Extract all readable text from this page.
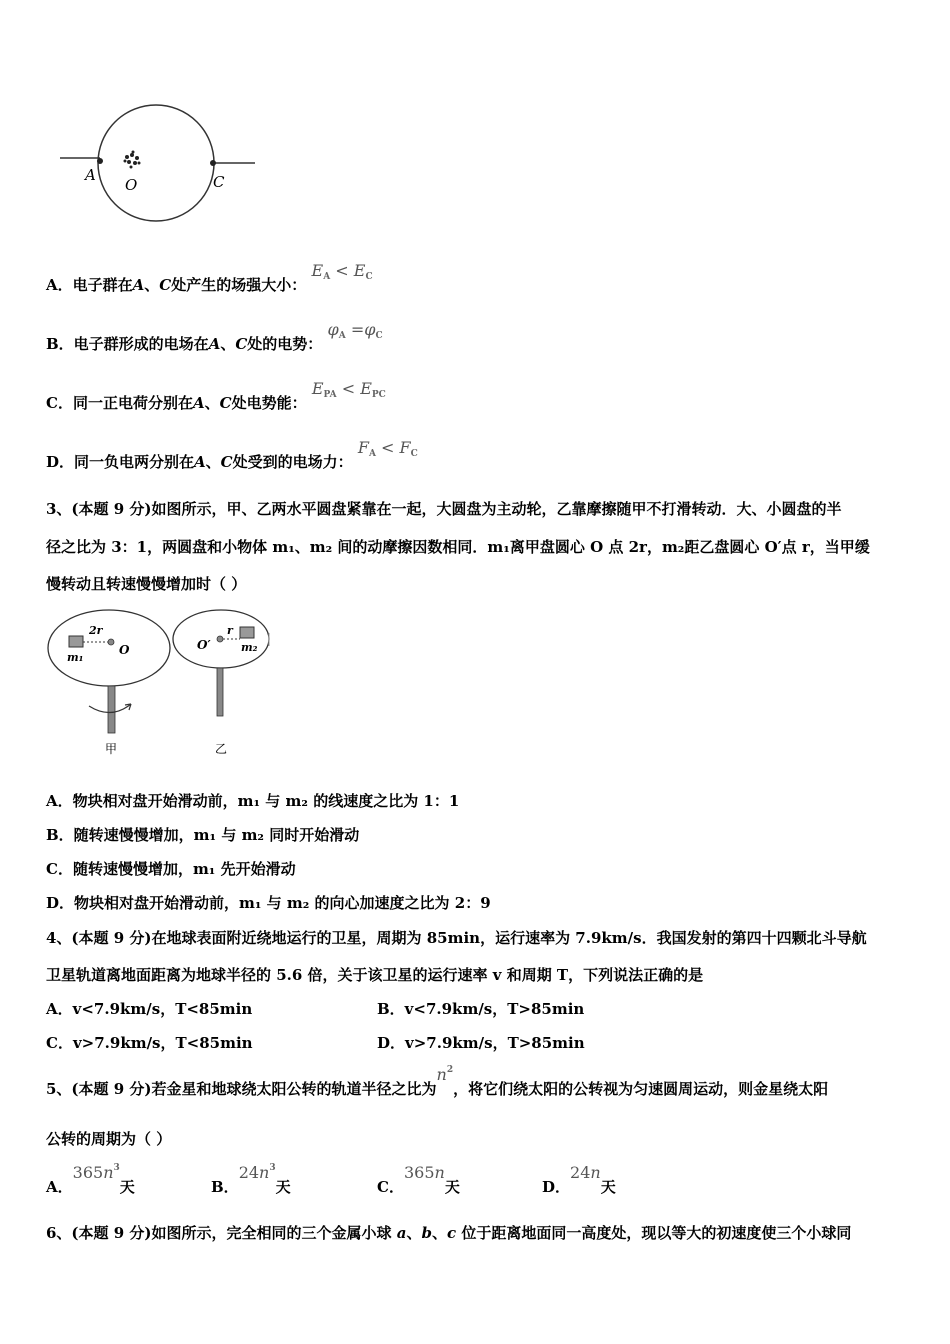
A
O	C
A．电子群在A、C处产生的场强大小： $E_A < E_C$
B．电子群形成的电场在A、C处的电势： $\varphi_A =\varphi_C$
C．同一正电荷分别在A、C处电势能： $E_{PA} < E_{PC}$
D．同一负电两分别在A、C处受到的电场力： $F_A < F_C$
3、(本题 9 分)如图所示，甲、乙两水平圆盘紧靠在一起，大圆盘为主动轮，乙靠摩擦随甲不打滑转动．大、小圆盘的半
径之比为 3：1，两圆盘和小物体 m₁、m₂ 间的动摩擦因数相同．m₁离甲盘圆心 O 点 2r，m₂距乙盘圆心 O′点 r，当甲缓
慢转动且转速慢慢增加时（ ）
2r
m₁
O	O′
r
m₂
甲	乙
A．物块相对盘开始滑动前，m₁ 与 m₂ 的线速度之比为 1：1
B．随转速慢慢增加，m₁ 与 m₂ 同时开始滑动
C．随转速慢慢增加，m₁ 先开始滑动
D．物块相对盘开始滑动前，m₁ 与 m₂ 的向心加速度之比为 2：9
4、(本题 9 分)在地球表面附近绕地运行的卫星，周期为 85min，运行速率为 7.9km/s．我国发射的第四十四颗北斗导航
卫星轨道离地面距离为地球半径的 5.6 倍，关于该卫星的运行速率 v 和周期 T，下列说法正确的是
A．v<7.9km/s，T<85min	B．v<7.9km/s，T>85min
C．v>7.9km/s，T<85min	D．v>7.9km/s，T>85min
5、(本题 9 分)若金星和地球绕太阳公转的轨道半径之比为$n^2$，将它们绕太阳的公转视为匀速圆周运动，则金星绕太阳
公转的周期为（ ）
A．$365n^3$天	B．$24n^3$天	C．365n天	D．24n天
6、(本题 9 分)如图所示，完全相同的三个金属小球 a、b、c 位于距离地面同一高度处，现以等大的初速度使三个小球同
